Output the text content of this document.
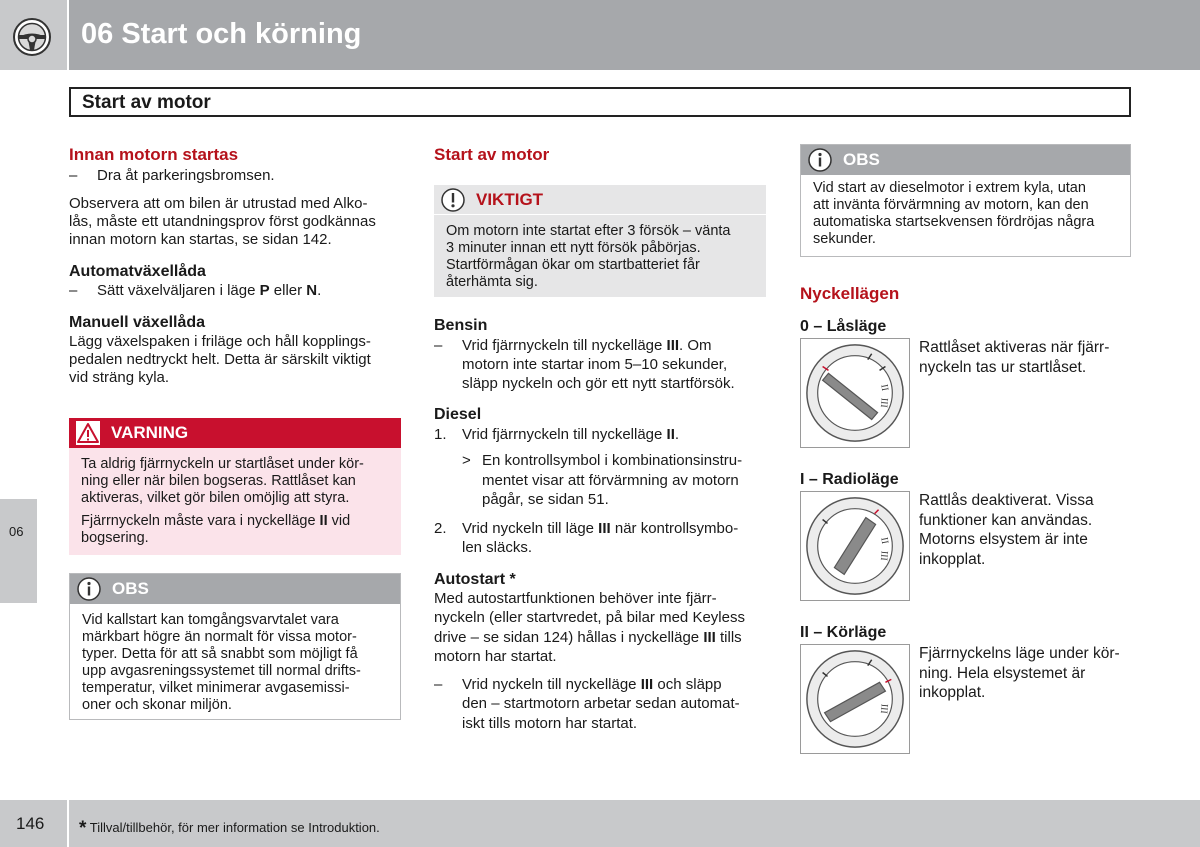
06 Start och körning
Start av motor
06
Innan motorn startas
– Dra åt parkeringsbromsen.
Observera att om bilen är utrustad med Alko-
lås, måste ett utandningsprov först godkännas
innan motorn kan startas, se sidan 142.
Automatväxellåda
– Sätt växelväljaren i läge P eller N.
Manuell växellåda
Lägg växelspaken i friläge och håll kopplings-
pedalen nedtryckt helt. Detta är särskilt viktigt
vid sträng kyla.
VARNING
Ta aldrig fjärrnyckeln ur startlåset under kör-
ning eller när bilen bogseras. Rattlåset kan
aktiveras, vilket gör bilen omöjlig att styra.
Fjärrnyckeln måste vara i nyckelläge II vid
bogsering.
OBS
Vid kallstart kan tomgångsvarvtalet vara
märkbart högre än normalt för vissa motor-
typer. Detta för att så snabbt som möjligt få
upp avgasreningssystemet till normal drifts-
temperatur, vilket minimerar avgasemissi-
oner och skonar miljön.
Start av motor
VIKTIGT
Om motorn inte startat efter 3 försök – vänta
3 minuter innan ett nytt försök påbörjas.
Startförmågan ökar om startbatteriet får
återhämta sig.
Bensin
– Vrid fjärrnyckeln till nyckelläge III. Om
motorn inte startar inom 5–10 sekunder,
släpp nyckeln och gör ett nytt startförsök.
Diesel
1. Vrid fjärrnyckeln till nyckelläge II.
> En kontrollsymbol i kombinationsinstru-
mentet visar att förvärmning av motorn
pågår, se sidan 51.
2. Vrid nyckeln till läge III när kontrollsymbo-
len släcks.
Autostart *
Med autostartfunktionen behöver inte fjärr-
nyckeln (eller startvredet, på bilar med Keyless
drive – se sidan 124) hållas i nyckelläge III tills
motorn har startat.
– Vrid nyckeln till nyckelläge III och släpp
den – startmotorn arbetar sedan automat-
iskt tills motorn har startat.
OBS
Vid start av dieselmotor i extrem kyla, utan
att invänta förvärmning av motorn, kan den
automatiska startsekvensen fördröjas några
sekunder.
Nyckellägen
0 – Låsläge
II
III
Rattlåset aktiveras när fjärr-
nyckeln tas ur startlåset.
I – Radioläge
II
III
Rattlås deaktiverat. Vissa
funktioner kan användas.
Motorns elsystem är inte
inkopplat.
II – Körläge
III
Fjärrnyckelns läge under kör-
ning. Hela elsystemet är
inkopplat.
146 * Tillval/tillbehör, för mer information se Introduktion.
